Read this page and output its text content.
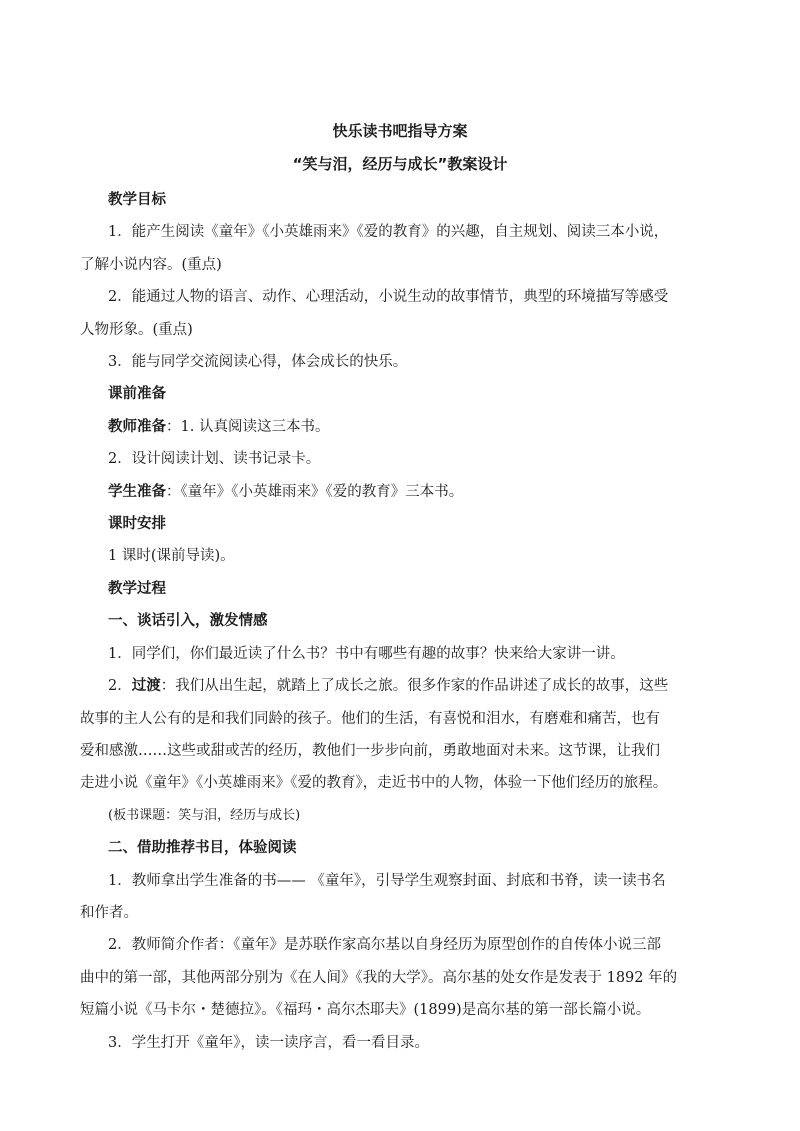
快乐读书吧指导方案
“笑与泪，经历与成长”教案设计

教学目标

1．能产生阅读《童年》《小英雄雨来》《爱的教育》的兴趣，自主规划、阅读三本小说，

了解小说内容。(重点)

2．能通过人物的语言、动作、心理活动，小说生动的故事情节，典型的环境描写等感受

人物形象。(重点)

3．能与同学交流阅读心得，体会成长的快乐。

课前准备

教师准备：1. 认真阅读这三本书。

2．设计阅读计划、读书记录卡。

学生准备：《童年》《小英雄雨来》《爱的教育》三本书。

课时安排

1 课时(课前导读)。

教学过程

一、谈话引入，激发情感

1．同学们，你们最近读了什么书？书中有哪些有趣的故事？快来给大家讲一讲。

2．过渡：我们从出生起，就踏上了成长之旅。很多作家的作品讲述了成长的故事，这些

故事的主人公有的是和我们同龄的孩子。他们的生活，有喜悦和泪水，有磨难和痛苦，也有

爱和感激……这些或甜或苦的经历，教他们一步步向前，勇敢地面对未来。这节课，让我们

走进小说《童年》《小英雄雨来》《爱的教育》，走近书中的人物，体验一下他们经历的旅程。

(板书课题：笑与泪，经历与成长)

二、借助推荐书目，体验阅读

1．教师拿出学生准备的书—— 《童年》，引导学生观察封面、封底和书脊，读一读书名

和作者。

2．教师简介作者：《童年》是苏联作家高尔基以自身经历为原型创作的自传体小说三部

曲中的第一部，其他两部分别为《在人间》《我的大学》。高尔基的处女作是发表于 1892 年的

短篇小说《马卡尔・楚德拉》。《福玛・高尔杰耶夫》(1899)是高尔基的第一部长篇小说。

3．学生打开《童年》，读一读序言，看一看目录。
